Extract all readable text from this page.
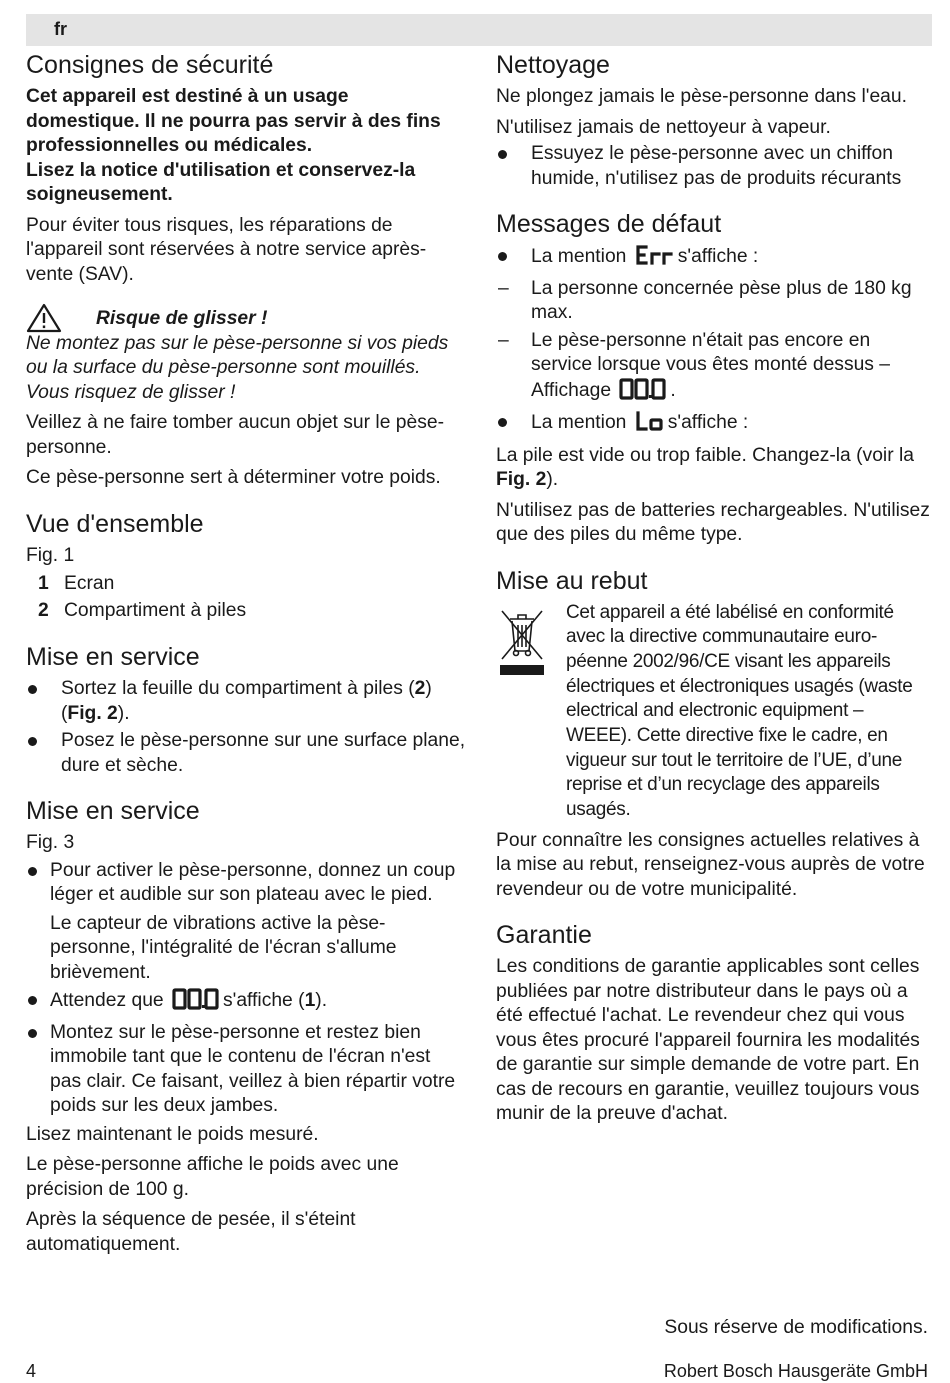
fr
Consignes de sécurité

Cet appareil est destiné à un usage domestique. Il ne pourra pas servir à des fins professionnelles ou médicales.

Lisez la notice d'utilisation et conservez-la soigneusement.

Pour éviter tous risques, les réparations de l'appareil sont réservées à notre service après-vente (SAV).

Risque de glisser !

Ne montez pas sur le pèse-personne si vos pieds ou la surface du pèse-personne sont mouillés. Vous risquez de glisser !

Veillez à ne faire tomber aucun objet sur le pèse-personne.

Ce pèse-personne sert à déterminer votre poids.

Vue d'ensemble

Fig. 1

1 Ecran
2 Compartiment à piles
Mise en service
Sortez la feuille du compartiment à piles (2) (Fig. 2).
Posez le pèse-personne sur une surface plane, dure et sèche.
Mise en service

Fig. 3

Pour activer le pèse-personne, donnez un coup léger et audible sur son plateau avec le pied.
Le capteur de vibrations active la pèse-personne, l'intégralité de l'écran s'allume brièvement.
Attendez que	s'affiche (1).
Montez sur le pèse-personne et restez bien immobile tant que le contenu de l'écran n'est pas clair. Ce faisant, veillez à bien répartir votre poids sur les deux jambes.

Lisez maintenant le poids mesuré.

Le pèse-personne affiche le poids avec une précision de 100 g.

Après la séquence de pesée, il s'éteint automatiquement.

Nettoyage

Ne plongez jamais le pèse-personne dans l'eau.

N'utilisez jamais de nettoyeur à vapeur.

Essuyez le pèse-personne avec un chiffon humide, n'utilisez pas de produits récurants
Messages de défaut
La mention	s'affiche :
– La personne concernée pèse plus de 180 kg max.
– Le pèse-personne n'était pas encore en service lorsque vous êtes monté dessus – Affichage	.
La mention s'affiche :

La pile est vide ou trop faible. Changez-la (voir la Fig. 2).

N'utilisez pas de batteries rechargeables. N'utilisez que des piles du même type.

Mise au rebut

Cet appareil a été labélisé en conformité avec la directive communautaire euro-péenne 2002/96/CE visant les appareils électriques et électroniques usagés (waste electrical and electronic equipment – WEEE). Cette directive fixe le cadre, en vigueur sur tout le territoire de l’UE, d’une reprise et d’un recyclage des appareils usagés.

Pour connaître les consignes actuelles relatives à la mise au rebut, renseignez-vous auprès de votre revendeur ou de votre municipalité.

Garantie

Les conditions de garantie applicables sont celles publiées par notre distributeur dans le pays où a été effectué l'achat. Le revendeur chez qui vous vous êtes procuré l'appareil fournira les modalités de garantie sur simple demande de votre part. En cas de recours en garantie, veuillez toujours vous munir de la preuve d'achat.

Sous réserve de modifications.
4	Robert Bosch Hausgeräte GmbH
